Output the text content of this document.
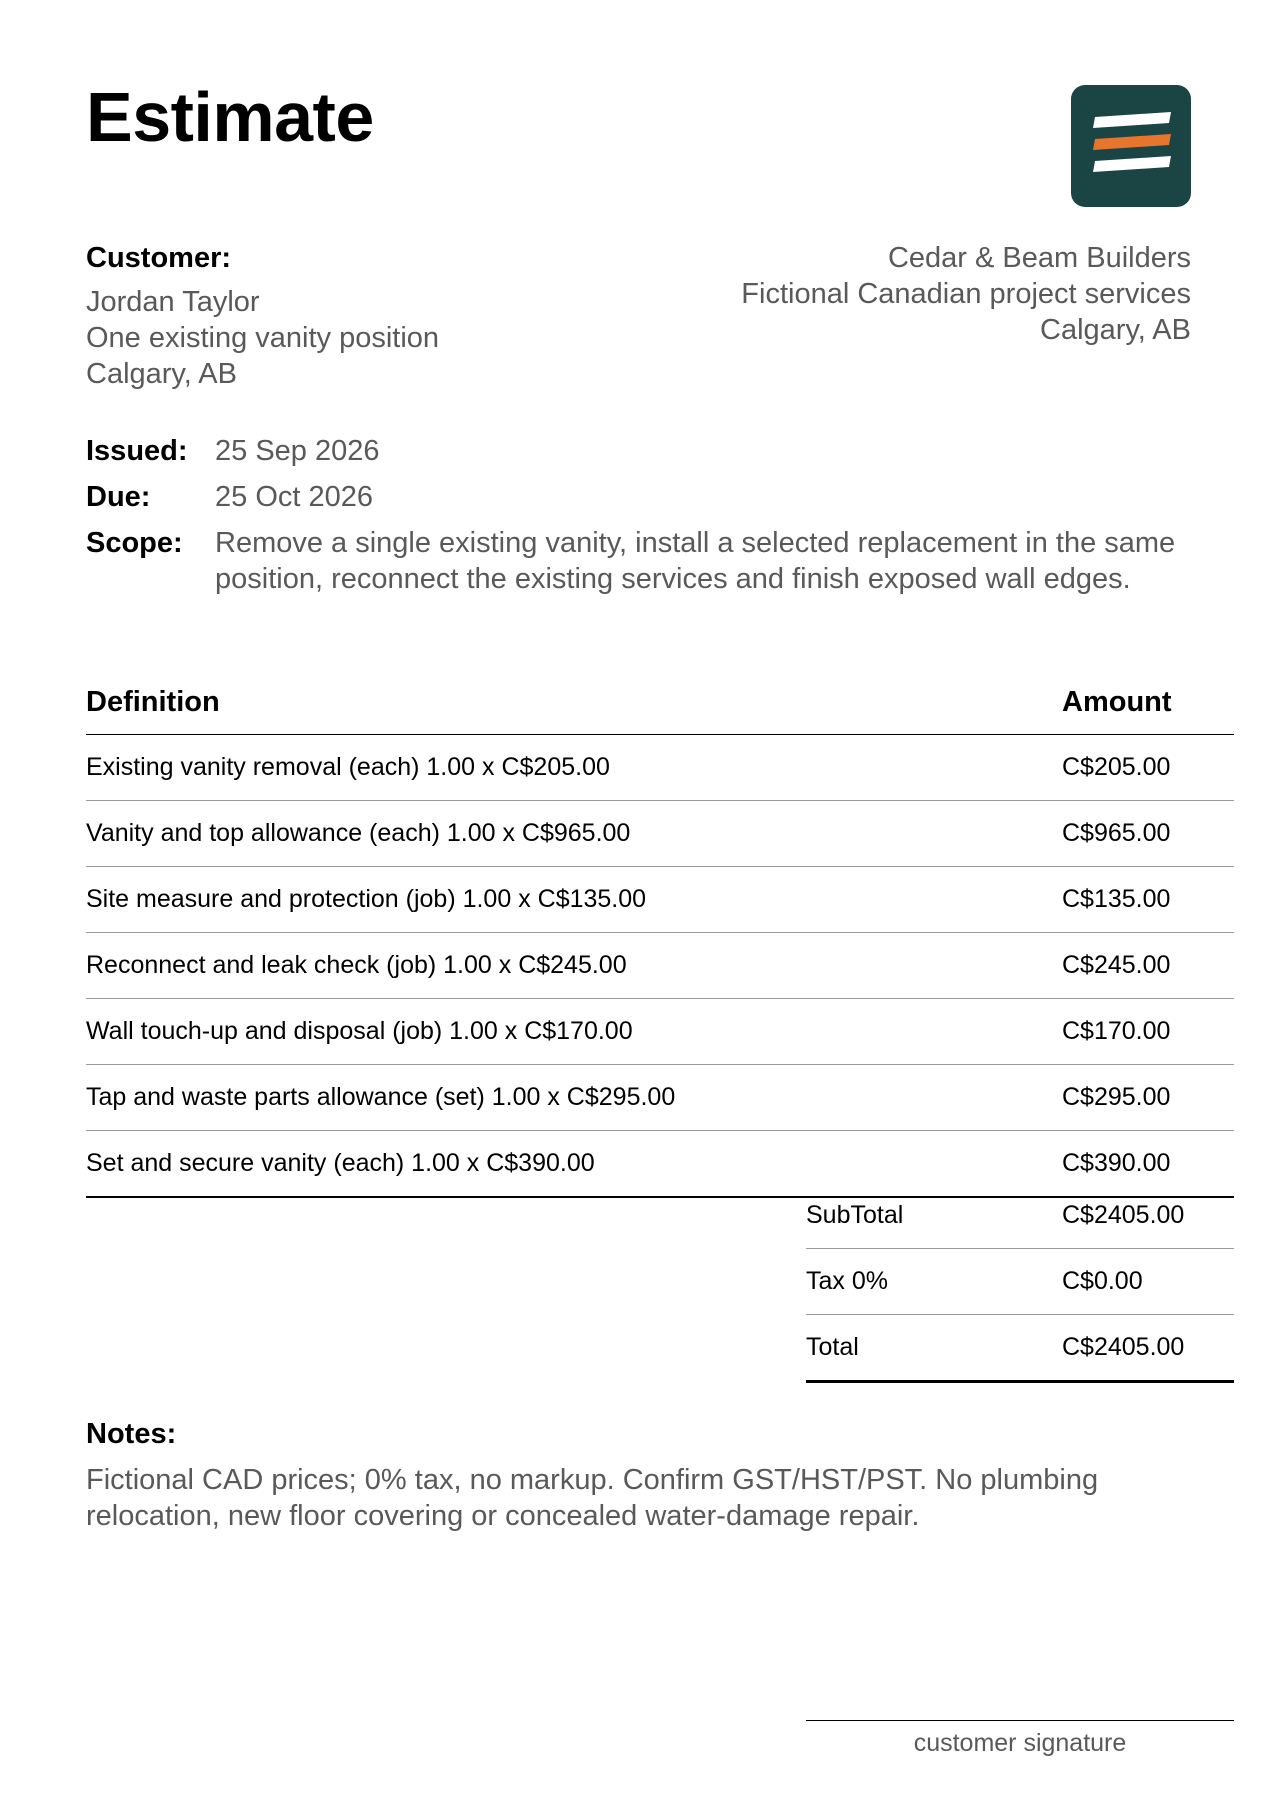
Estimate
Customer:
Jordan Taylor
One existing vanity position
Calgary, AB
Cedar & Beam Builders
Fictional Canadian project services
Calgary, AB
Issued: 25 Sep 2026
Due:	25 Oct 2026
Scope:	Remove a single existing vanity, install a selected replacement in the same position, reconnect the existing services and finish exposed wall edges.
Definition	Amount
Existing vanity removal (each) 1.00 x C$205.00	C$205.00
Vanity and top allowance (each) 1.00 x C$965.00	C$965.00
Site measure and protection (job) 1.00 x C$135.00	C$135.00
Reconnect and leak check (job) 1.00 x C$245.00	C$245.00
Wall touch-up and disposal (job) 1.00 x C$170.00	C$170.00
Tap and waste parts allowance (set) 1.00 x C$295.00	C$295.00
Set and secure vanity (each) 1.00 x C$390.00	C$390.00
SubTotal	C$2405.00
Tax 0%	C$0.00
Total	C$2405.00
Notes:
Fictional CAD prices; 0% tax, no markup. Confirm GST/HST/PST. No plumbing relocation, new floor covering or concealed water-damage repair.
customer signature
